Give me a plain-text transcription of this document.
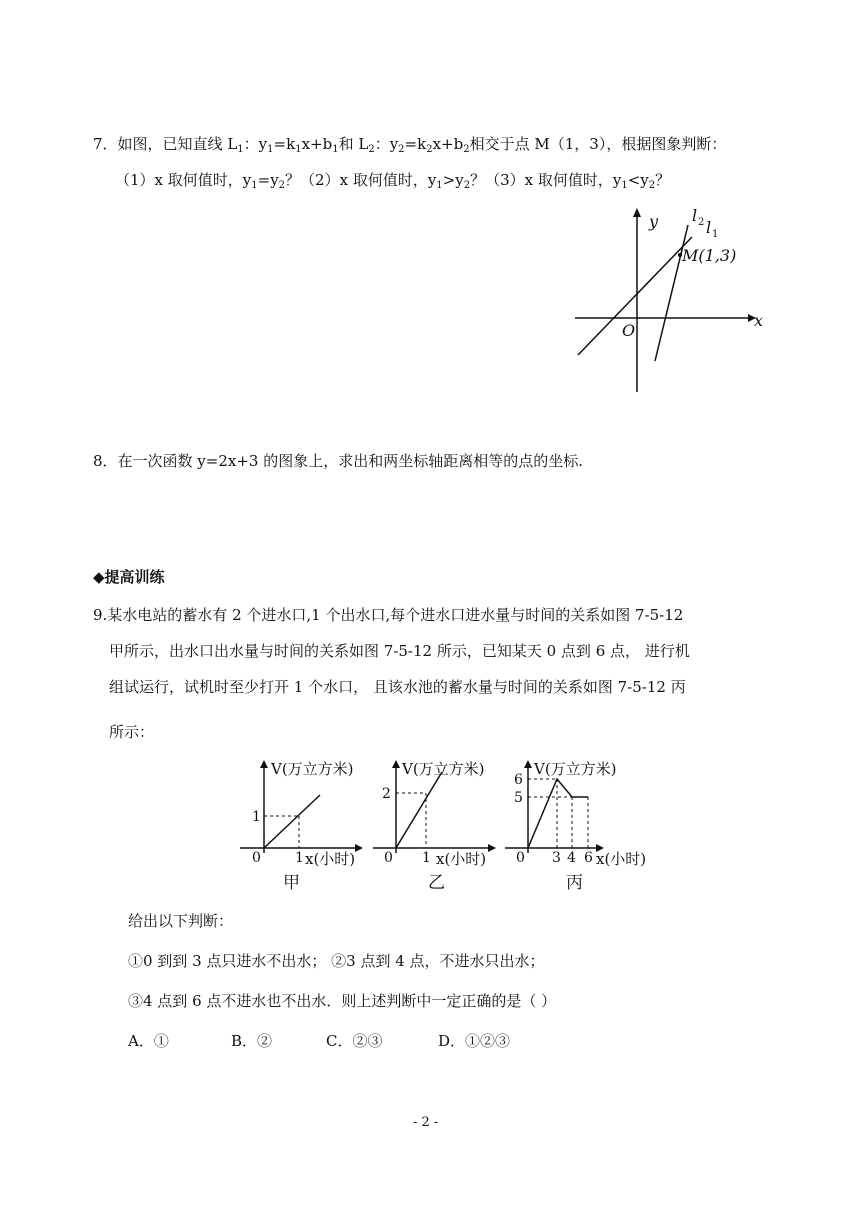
7．如图，已知直线 $L_1$：$y_1=k_1x+b_1$和 $L_2$：$y_2=k_2x+b_2$相交于点 M（1，3），根据图象判断：
（1）x 取何值时，$y_1=y_2$？（2）x 取何值时，$y_1>y_2$？（3）x 取何值时，$y_1<y_2$？
y
x
O
l 2 l 1
M(1,3)
8．在一次函数 y=2x+3 的图象上，求出和两坐标轴距离相等的点的坐标.
◆提高训练
9.某水电站的蓄水有 2 个进水口,1 个出水口,每个进水口进水量与时间的关系如图 7-5-12
甲所示，出水口出水量与时间的关系如图 7-5-12 所示，已知某天 0 点到 6 点， 进行机
组试运行，试机时至少打开 1 个水口， 且该水池的蓄水量与时间的关系如图 7-5-12 丙
所示：
V(万立方米)
x(小时)
0 1
1
甲
V(万立方米)
x(小时)
0 1
2
乙
V(万立方米)
x(小时)
0 3 4 6
6
5
丙
给出以下判断：
①0 到到 3 点只进水不出水； ②3 点到 4 点，不进水只出水；
③4 点到 6 点不进水也不出水．则上述判断中一定正确的是（ ）
A．①	B．②	C．②③	D．①②③
- 2 -
